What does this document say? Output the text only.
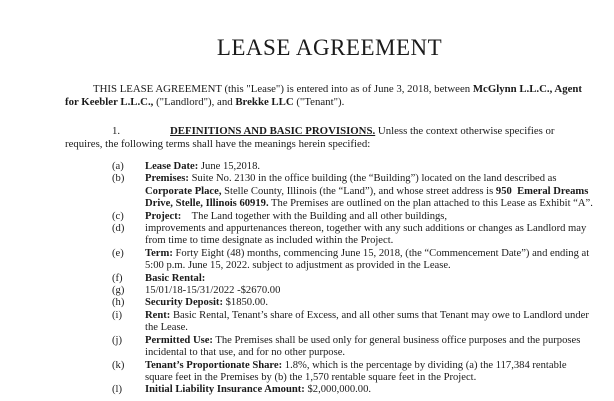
LEASE AGREEMENT

THIS LEASE AGREEMENT (this "Lease") is entered into as of June 3, 2018, between McGlynn L.L.C., Agent for Keebler L.L.C., ("Landlord"), and Brekke LLC ("Tenant").

1.	DEFINITIONS AND BASIC PROVISIONS. Unless the context otherwise specifies or requires, the following terms shall have the meanings herein specified:

(a) Lease Date: June 15,2018.
(b) Premises: Suite No. 2130 in the office building (the “Building”) located on the land described as Corporate Place, Stelle County, Illinois (the “Land”), and whose street address is 950  Emeral Dreams Drive, Stelle, Illinois 60919. The Premises are outlined on the plan attached to this Lease as Exhibit “A”.
(c) Project:    The Land together with the Building and all other buildings,
(d) improvements and appurtenances thereon, together with any such additions or changes as Landlord may from time to time designate as included within the Project.
(e) Term: Forty Eight (48) months, commencing June 15, 2018, (the “Commencement Date”) and ending at 5:00 p.m. June 15, 2022. subject to adjustment as provided in the Lease.
(f) Basic Rental:
(g) 15/01/18-15/31/2022 -$2670.00
(h) Security Deposit: $1850.00.
(i) Rent: Basic Rental, Tenant’s share of Excess, and all other sums that Tenant may owe to Landlord under the Lease.
(j) Permitted Use: The Premises shall be used only for general business office purposes and the purposes incidental to that use, and for no other purpose.
(k) Tenant’s Proportionate Share: 1.8%, which is the percentage by dividing (a) the 117,384 rentable square feet in the Premises by (b) the 1,570 rentable square feet in the Project.
(l) Initial Liability Insurance Amount: $2,000,000.00.
